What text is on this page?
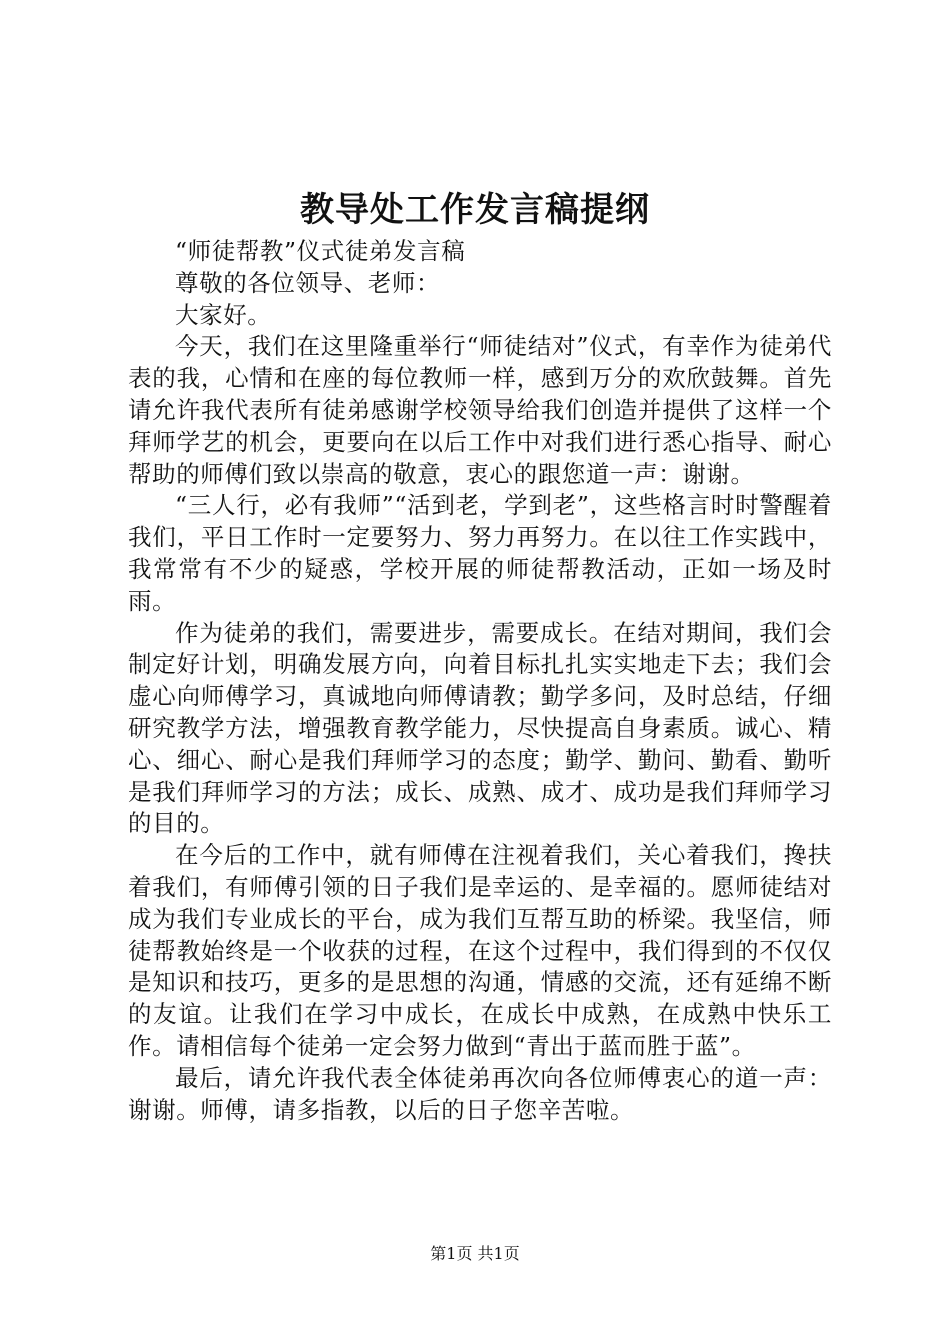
教导处工作发言稿提纲

“师徒帮教”仪式徒弟发言稿

尊敬的各位领导、老师：

大家好。

今天，我们在这里隆重举行“师徒结对”仪式，有幸作为徒弟代表的我，心情和在座的每位教师一样，感到万分的欢欣鼓舞。首先请允许我代表所有徒弟感谢学校领导给我们创造并提供了这样一个拜师学艺的机会，更要向在以后工作中对我们进行悉心指导、耐心帮助的师傅们致以崇高的敬意，衷心的跟您道一声：谢谢。

“三人行，必有我师”“活到老，学到老”，这些格言时时警醒着我们，平日工作时一定要努力、努力再努力。在以往工作实践中，我常常有不少的疑惑，学校开展的师徒帮教活动，正如一场及时雨。

作为徒弟的我们，需要进步，需要成长。在结对期间，我们会制定好计划，明确发展方向，向着目标扎扎实实地走下去；我们会虚心向师傅学习，真诚地向师傅请教；勤学多问，及时总结，仔细研究教学方法，增强教育教学能力，尽快提高自身素质。诚心、精心、细心、耐心是我们拜师学习的态度；勤学、勤问、勤看、勤听是我们拜师学习的方法；成长、成熟、成才、成功是我们拜师学习的目的。

在今后的工作中，就有师傅在注视着我们，关心着我们，搀扶着我们，有师傅引领的日子我们是幸运的、是幸福的。愿师徒结对成为我们专业成长的平台，成为我们互帮互助的桥梁。我坚信，师徒帮教始终是一个收获的过程，在这个过程中，我们得到的不仅仅是知识和技巧，更多的是思想的沟通，情感的交流，还有延绵不断的友谊。让我们在学习中成长，在成长中成熟，在成熟中快乐工作。请相信每个徒弟一定会努力做到“青出于蓝而胜于蓝”。

最后，请允许我代表全体徒弟再次向各位师傅衷心的道一声：谢谢。师傅，请多指教，以后的日子您辛苦啦。

第1页 共1页
